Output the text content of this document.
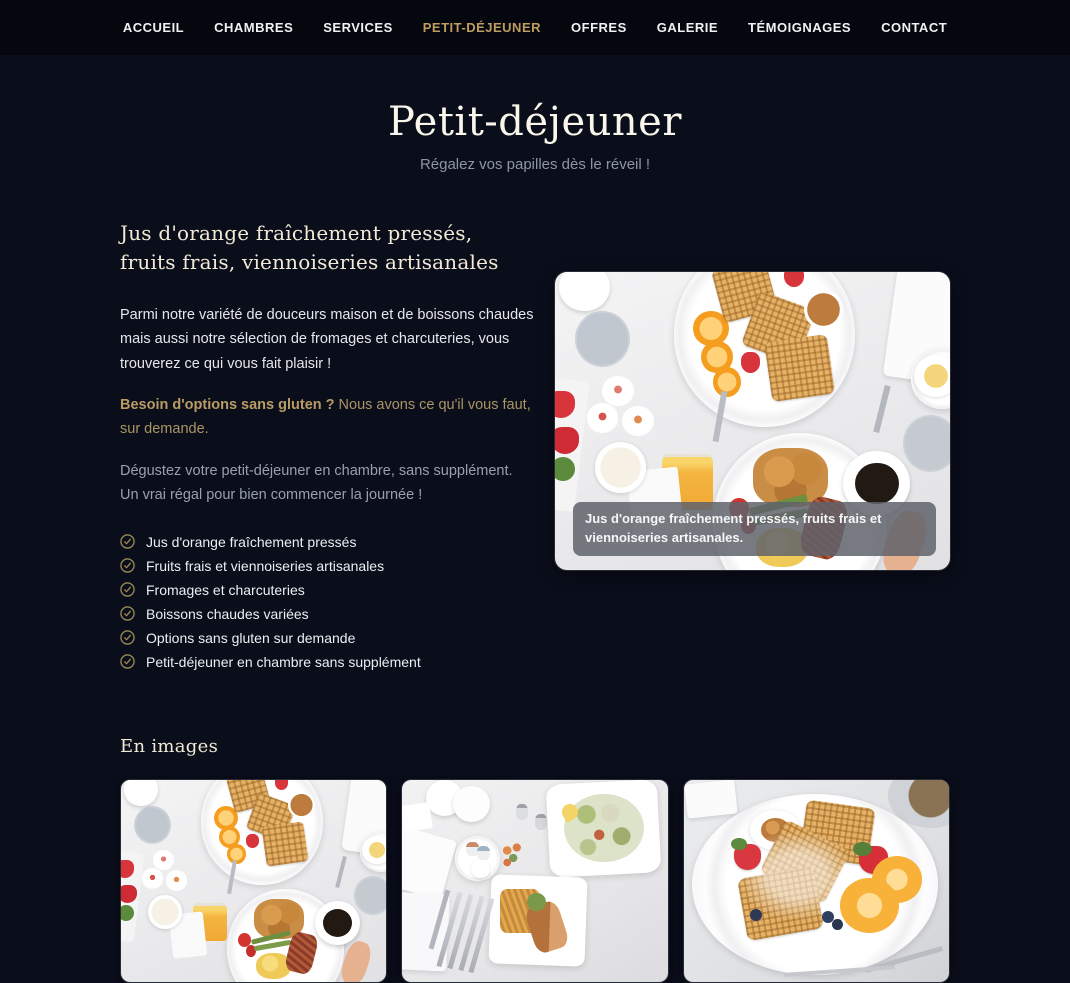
ACCUEIL CHAMBRES SERVICES PETIT-DÉJEUNER OFFRES GALERIE TÉMOIGNAGES CONTACT
Petit-déjeuner

Régalez vos papilles dès le réveil !

Jus d'orange fraîchement pressés, fruits frais, viennoiseries artisanales

Parmi notre variété de douceurs maison et de boissons chaudes mais aussi notre sélection de fromages et charcuteries, vous trouverez ce qui vous fait plaisir !

Besoin d'options sans gluten ? Nous avons ce qu'il vous faut, sur demande.

Dégustez votre petit-déjeuner en chambre, sans supplément. Un vrai régal pour bien commencer la journée !

Jus d'orange fraîchement pressés
Fruits frais et viennoiseries artisanales
Fromages et charcuteries
Boissons chaudes variées
Options sans gluten sur demande
Petit-déjeuner en chambre sans supplément
Jus d'orange fraîchement pressés, fruits frais et viennoiseries artisanales.
En images
